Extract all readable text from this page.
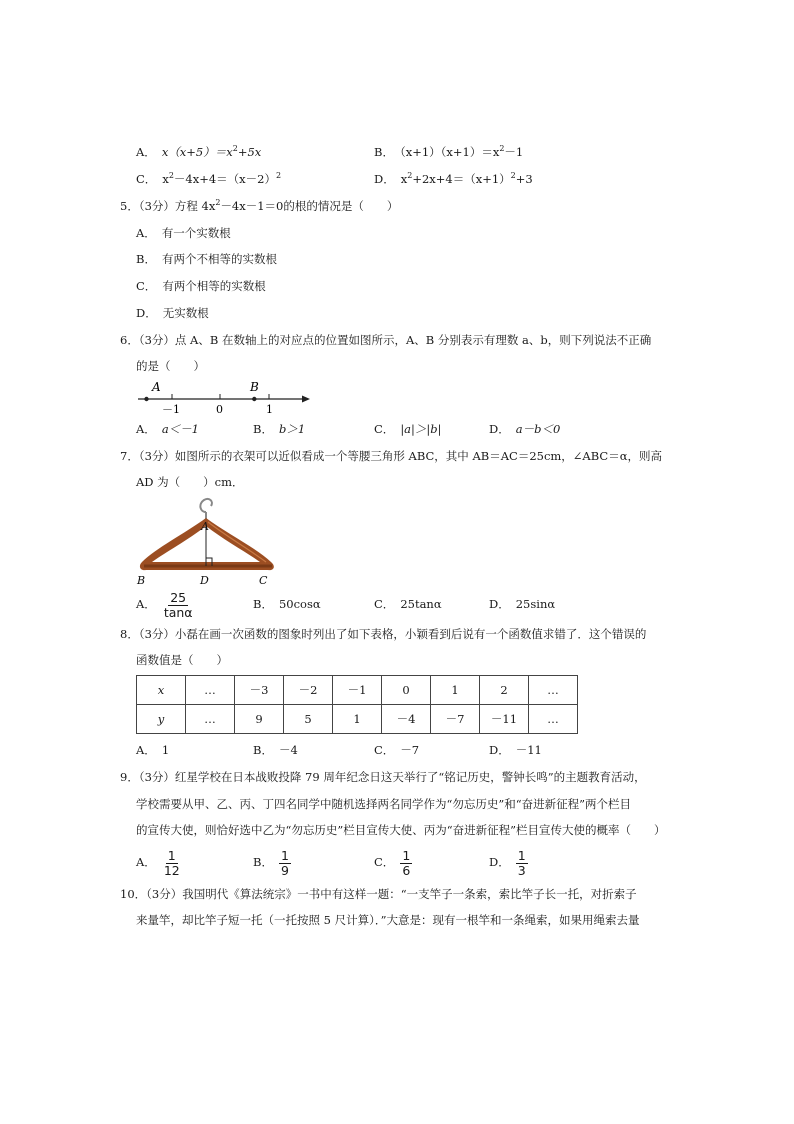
A． $x(x+5)=x^2+5x$	B． $(x+1)(x+1)=x^2-1$
C． $x^2-4x+4=(x-2)^2$	D． $x^2+2x+4=(x+1)^2+3$
5．（3分）方程 $4x^2-4x-1=0$的根的情况是（　　）
A． 有一个实数根
B． 有两个不相等的实数根
C． 有两个相等的实数根
D． 无实数根
6．（3分）点 A、B 在数轴上的对应点的位置如图所示，A、B 分别表示有理数 a、b，则下列说法不正确
的是（　　）
A	B
－1	0	1
A． a＜－1	B． b＞1	C． |a|＞|b|	D． a－b＜0
7．（3分）如图所示的衣架可以近似看成一个等腰三角形 ABC，其中 AB＝AC＝25cm，∠ABC＝α，则高
AD 为（　　）cm．
A
B	D	C
A． $\frac{25}{\tan\alpha}$	B． 50cosα	C． 25tanα	D． 25sinα
8．（3分）小磊在画一次函数的图象时列出了如下表格，小颖看到后说有一个函数值求错了．这个错误的
函数值是（　　）
x	…	－3	－2	－1	0	1	2	…
y	…	9	5	1	－4	－7	－11	…
A． 1	B． －4	C． －7	D． －11
9．（3分）红星学校在日本战败投降 79 周年纪念日这天举行了“铭记历史，警钟长鸣”的主题教育活动，
学校需要从甲、乙、丙、丁四名同学中随机选择两名同学作为“勿忘历史”和“奋进新征程”两个栏目
的宣传大使，则恰好选中乙为“勿忘历史”栏目宣传大使、丙为“奋进新征程”栏目宣传大使的概率（　　）
A． $\frac{1}{12}$	B． $\frac{1}{9}$	C． $\frac{1}{6}$	D． $\frac{1}{3}$
10．（3分）我国明代《算法统宗》一书中有这样一题：“一支竿子一条索，索比竿子长一托，对折索子
来量竿，却比竿子短一托（一托按照 5 尺计算）．”大意是：现有一根竿和一条绳索，如果用绳索去量
